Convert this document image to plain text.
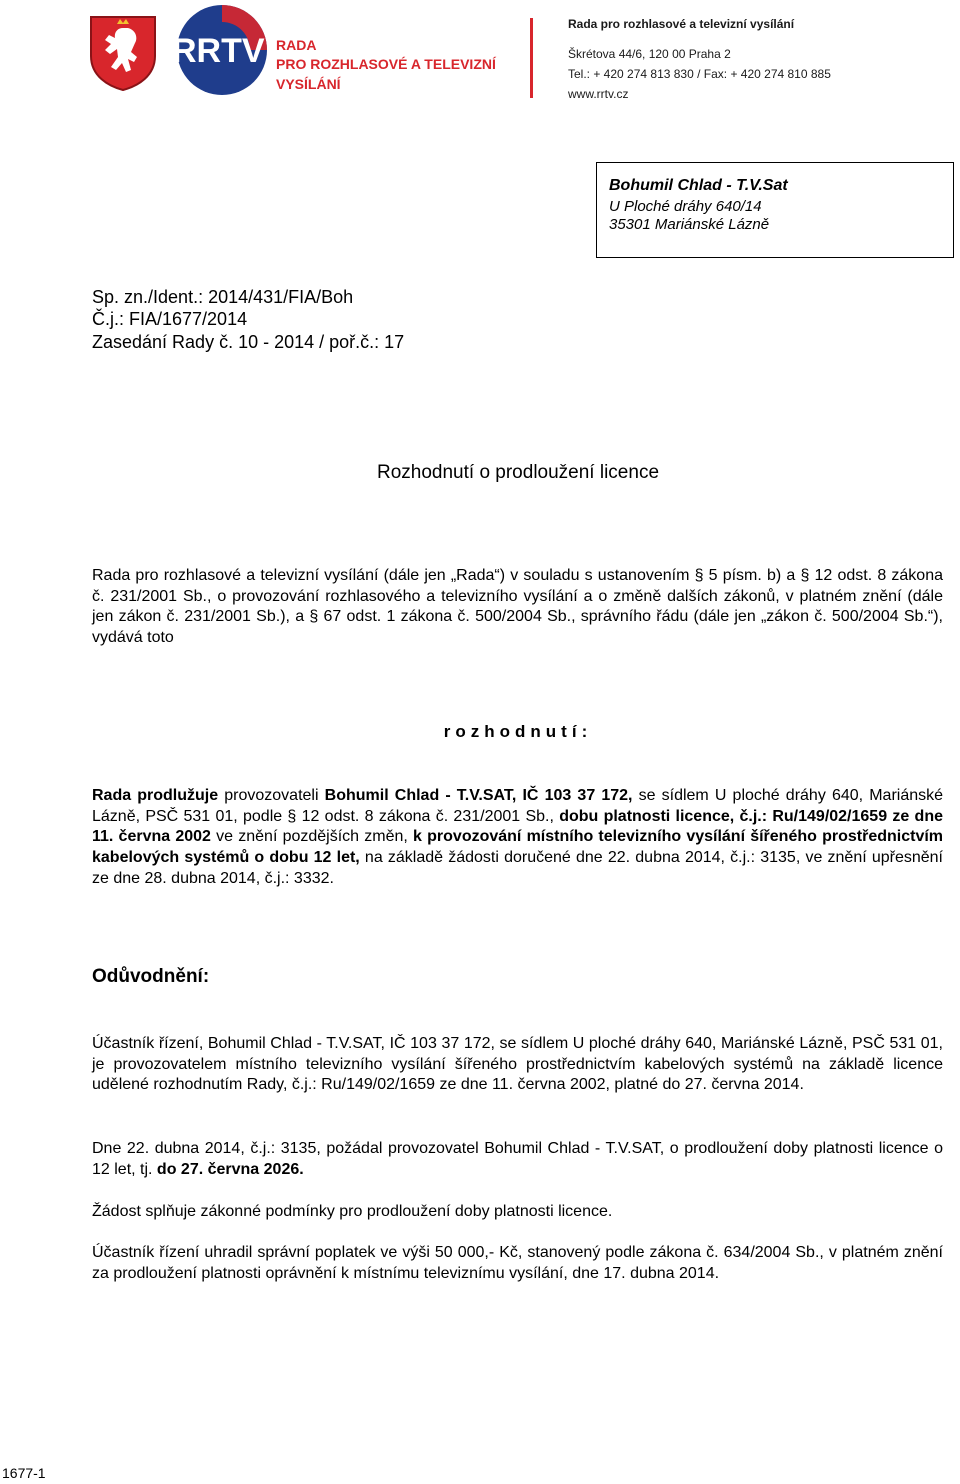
RRTV RADA
PRO ROZHLASOVÉ A TELEVIZNÍ
VYSÍLÁNÍ
Rada pro rozhlasové a televizní vysílání
Škrétova 44/6, 120 00 Praha 2
Tel.: + 420 274 813 830 / Fax: + 420 274 810 885
www.rrtv.cz
Bohumil Chlad - T.V.Sat
U Ploché dráhy 640/14
35301 Mariánské Lázně
Sp. zn./Ident.: 2014/431/FIA/Boh
Č.j.: FIA/1677/2014
Zasedání Rady č. 10 - 2014 / poř.č.: 17
Rozhodnutí o prodloužení licence
Rada pro rozhlasové a televizní vysílání (dále jen „Rada“) v souladu s ustanovením § 5 písm. b) a § 12 odst. 8 zákona č. 231/2001 Sb., o provozování rozhlasového a televizního vysílání a o změně dalších zákonů, v platném znění (dále jen zákon č. 231/2001 Sb.), a § 67 odst. 1 zákona č. 500/2004 Sb., správního řádu (dále jen „zákon č. 500/2004 Sb.“), vydává toto
rozhodnutí:
Rada prodlužuje provozovateli Bohumil Chlad - T.V.SAT, IČ 103 37 172, se sídlem U ploché dráhy 640, Mariánské Lázně, PSČ 531 01, podle § 12 odst. 8 zákona č. 231/2001 Sb., dobu platnosti licence, č.j.: Ru/149/02/1659 ze dne 11. června 2002 ve znění pozdějších změn, k provozování místního televizního vysílání šířeného prostřednictvím kabelových systémů o dobu 12 let, na základě žádosti doručené dne 22. dubna 2014, č.j.: 3135, ve znění upřesnění ze dne 28. dubna 2014, č.j.: 3332.
Odůvodnění:
Účastník řízení, Bohumil Chlad - T.V.SAT, IČ 103 37 172, se sídlem U ploché dráhy 640, Mariánské Lázně, PSČ 531 01, je provozovatelem místního televizního vysílání šířeného prostřednictvím kabelových systémů na základě licence udělené rozhodnutím Rady, č.j.: Ru/149/02/1659 ze dne 11. června 2002, platné do 27. června 2014.
Dne 22. dubna 2014, č.j.: 3135, požádal provozovatel Bohumil Chlad - T.V.SAT, o prodloužení doby platnosti licence o 12 let, tj. do 27. června 2026.
Žádost splňuje zákonné podmínky pro prodloužení doby platnosti licence.
Účastník řízení uhradil správní poplatek ve výši 50 000,- Kč, stanovený podle zákona č. 634/2004 Sb., v platném znění za prodloužení platnosti oprávnění k místnímu televiznímu vysílání, dne 17. dubna 2014.
1677-1
